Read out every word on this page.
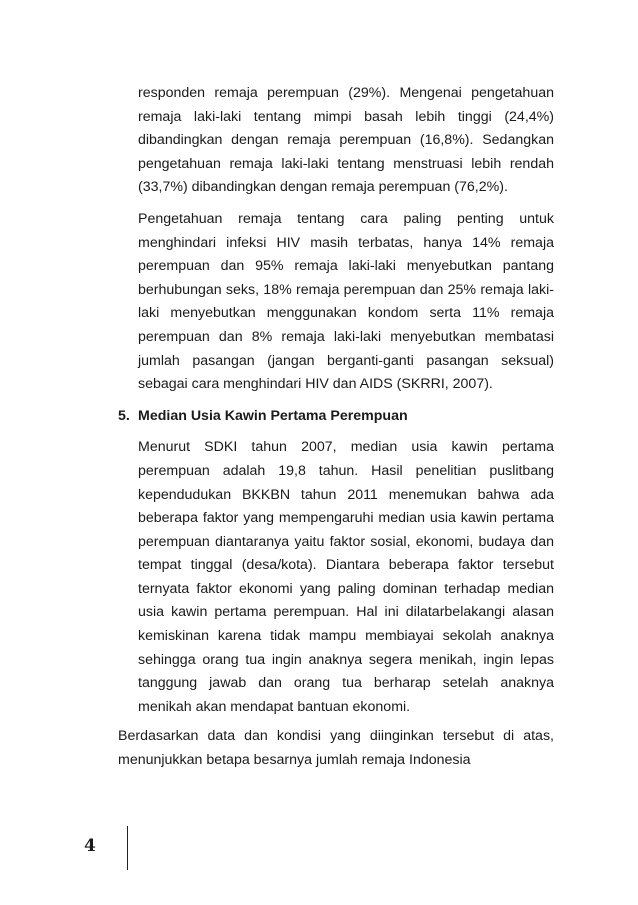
responden remaja perempuan (29%). Mengenai pengetahuan remaja laki-laki tentang mimpi basah lebih tinggi (24,4%) dibandingkan dengan remaja perempuan (16,8%). Sedangkan pengetahuan remaja laki-laki tentang menstruasi lebih rendah (33,7%) dibandingkan dengan remaja perempuan (76,2%).

Pengetahuan remaja tentang cara paling penting untuk menghindari infeksi HIV masih terbatas, hanya 14% remaja perempuan dan 95% remaja laki-laki menyebutkan pantang berhubungan seks, 18% remaja perempuan dan 25% remaja laki-laki menyebutkan menggunakan kondom serta 11% remaja perempuan dan 8% remaja laki-laki menyebutkan membatasi jumlah pasangan (jangan berganti-ganti pasangan seksual) sebagai cara menghindari HIV dan AIDS (SKRRI, 2007).

5. Median Usia Kawin Pertama Perempuan

Menurut SDKI tahun 2007, median usia kawin pertama perempuan adalah 19,8 tahun. Hasil penelitian puslitbang kependudukan BKKBN tahun 2011 menemukan bahwa ada beberapa faktor yang mempengaruhi median usia kawin pertama perempuan diantaranya yaitu faktor sosial, ekonomi, budaya dan tempat tinggal (desa/kota). Diantara beberapa faktor tersebut ternyata faktor ekonomi yang paling dominan terhadap median usia kawin pertama perempuan. Hal ini dilatarbelakangi alasan kemiskinan karena tidak mampu membiayai sekolah anaknya sehingga orang tua ingin anaknya segera menikah, ingin lepas tanggung jawab dan orang tua berharap setelah anaknya menikah akan mendapat bantuan ekonomi.

Berdasarkan data dan kondisi yang diinginkan tersebut di atas, menunjukkan betapa besarnya jumlah remaja Indonesia

4
